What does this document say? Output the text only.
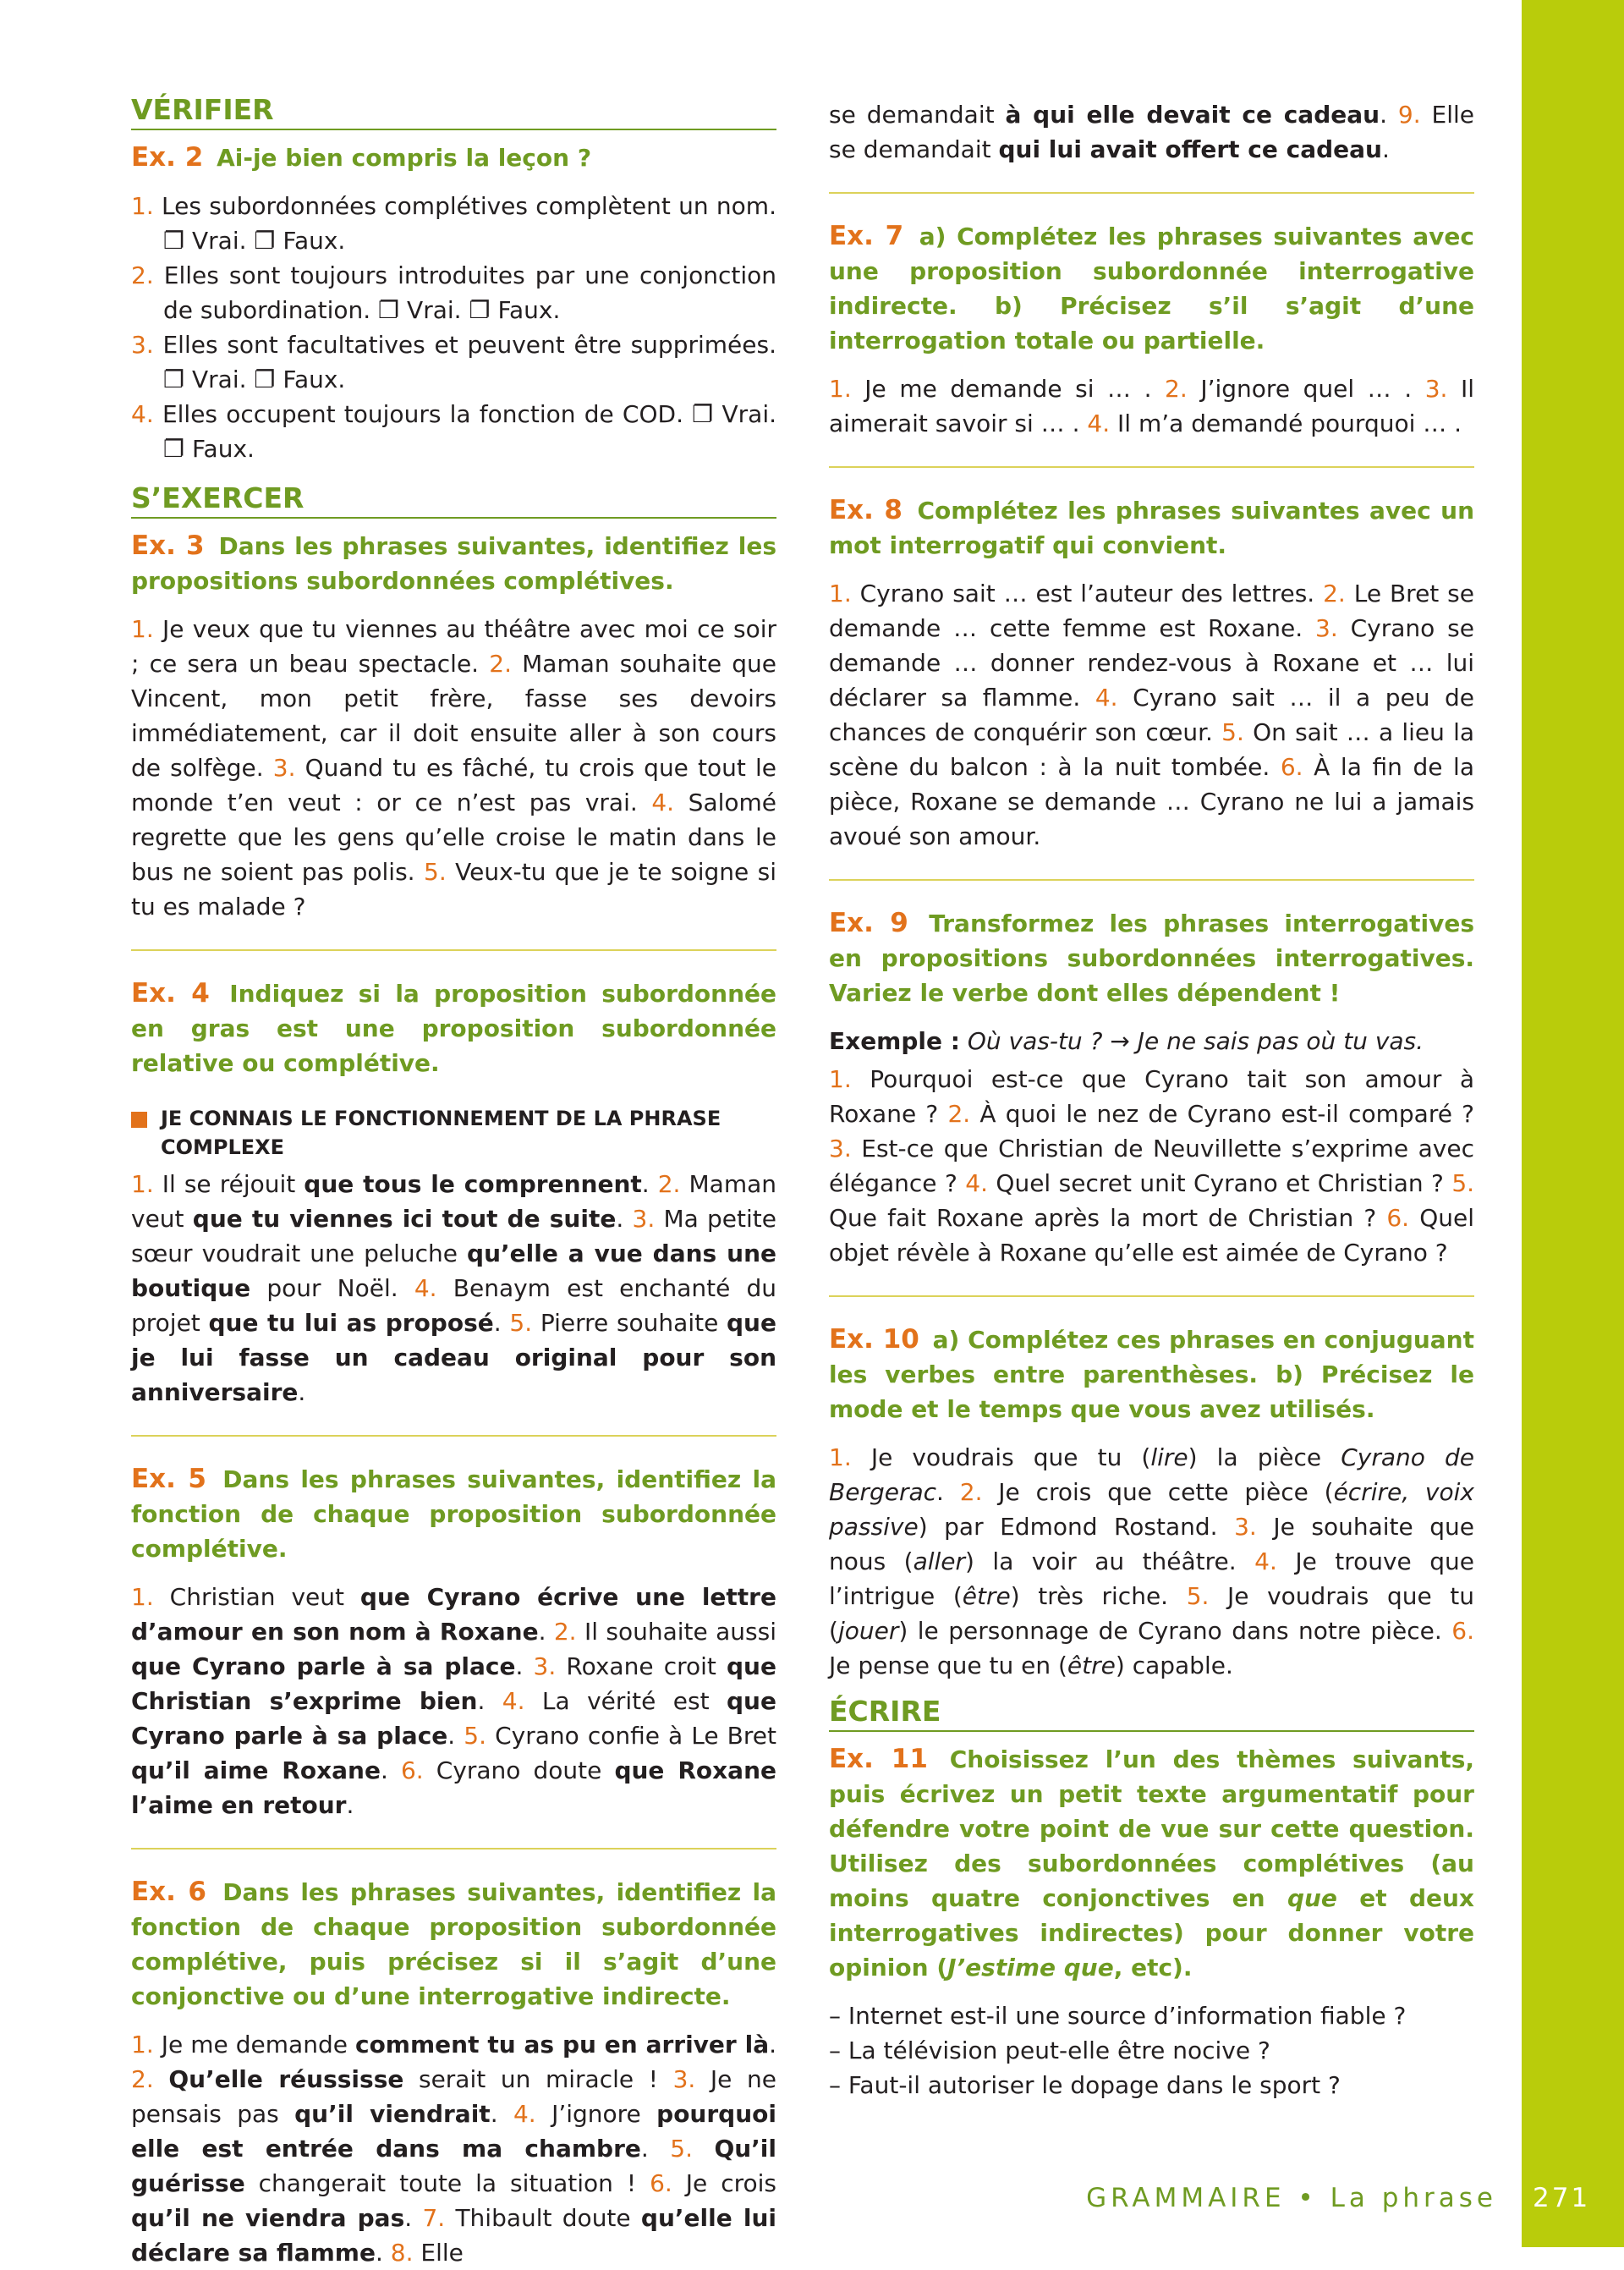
VÉRIFIER
Ex. 2 Ai-je bien compris la leçon ?
1. Les subordonnées complétives complètent un nom. ❐ Vrai. ❐ Faux.
2. Elles sont toujours introduites par une conjonction de subordination. ❐ Vrai. ❐ Faux.
3. Elles sont facultatives et peuvent être supprimées. ❐ Vrai. ❐ Faux.
4. Elles occupent toujours la fonction de COD. ❐ Vrai. ❐ Faux.
S’EXERCER
Ex. 3 Dans les phrases suivantes, identifiez les propositions subordonnées complétives.

1. Je veux que tu viennes au théâtre avec moi ce soir ; ce sera un beau spectacle. 2. Maman souhaite que Vincent, mon petit frère, fasse ses devoirs immédiatement, car il doit ensuite aller à son cours de solfège. 3. Quand tu es fâché, tu crois que tout le monde t’en veut : or ce n’est pas vrai. 4. Salomé regrette que les gens qu’elle croise le matin dans le bus ne soient pas polis. 5. Veux-tu que je te soigne si tu es malade ?

Ex. 4 Indiquez si la proposition subordonnée en gras est une proposition subordonnée relative ou complétive.
JE CONNAIS LE FONCTIONNEMENT DE LA PHRASE COMPLEXE

1. Il se réjouit que tous le comprennent. 2. Maman veut que tu viennes ici tout de suite. 3. Ma petite sœur voudrait une peluche qu’elle a vue dans une boutique pour Noël. 4. Benaym est enchanté du projet que tu lui as proposé. 5. Pierre souhaite que je lui fasse un cadeau original pour son anniversaire.

Ex. 5 Dans les phrases suivantes, identifiez la fonction de chaque proposition subordonnée complétive.

1. Christian veut que Cyrano écrive une lettre d’amour en son nom à Roxane. 2. Il souhaite aussi que Cyrano parle à sa place. 3. Roxane croit que Christian s’exprime bien. 4. La vérité est que Cyrano parle à sa place. 5. Cyrano confie à Le Bret qu’il aime Roxane. 6. Cyrano doute que Roxane l’aime en retour.

Ex. 6 Dans les phrases suivantes, identifiez la fonction de chaque proposition subordonnée complétive, puis précisez si il s’agit d’une conjonctive ou d’une interrogative indirecte.

1. Je me demande comment tu as pu en arriver là. 2. Qu’elle réussisse serait un miracle ! 3. Je ne pensais pas qu’il viendrait. 4. J’ignore pourquoi elle est entrée dans ma chambre. 5. Qu’il guérisse changerait toute la situation ! 6. Je crois qu’il ne viendra pas. 7. Thibault doute qu’elle lui déclare sa flamme. 8. Elle

se demandait à qui elle devait ce cadeau. 9. Elle se demandait qui lui avait offert ce cadeau.

Ex. 7 a) Complétez les phrases suivantes avec une proposition subordonnée interrogative indirecte. b) Précisez s’il s’agit d’une interrogation totale ou partielle.

1. Je me demande si … . 2. J’ignore quel … . 3. Il aimerait savoir si … . 4. Il m’a demandé pourquoi … .

Ex. 8 Complétez les phrases suivantes avec un mot interrogatif qui convient.

1. Cyrano sait … est l’auteur des lettres. 2. Le Bret se demande … cette femme est Roxane. 3. Cyrano se demande … donner rendez-vous à Roxane et … lui déclarer sa flamme. 4. Cyrano sait … il a peu de chances de conquérir son cœur. 5. On sait … a lieu la scène du balcon : à la nuit tombée. 6. À la fin de la pièce, Roxane se demande … Cyrano ne lui a jamais avoué son amour.

Ex. 9 Transformez les phrases interrogatives en propositions subordonnées interrogatives. Variez le verbe dont elles dépendent !

Exemple : Où vas-tu ? → Je ne sais pas où tu vas.

1. Pourquoi est-ce que Cyrano tait son amour à Roxane ? 2. À quoi le nez de Cyrano est-il comparé ? 3. Est-ce que Christian de Neuvillette s’exprime avec élégance ? 4. Quel secret unit Cyrano et Christian ? 5. Que fait Roxane après la mort de Christian ? 6. Quel objet révèle à Roxane qu’elle est aimée de Cyrano ?

Ex. 10 a) Complétez ces phrases en conjuguant les verbes entre parenthèses. b) Précisez le mode et le temps que vous avez utilisés.

1. Je voudrais que tu (lire) la pièce Cyrano de Bergerac. 2. Je crois que cette pièce (écrire, voix passive) par Edmond Rostand. 3. Je souhaite que nous (aller) la voir au théâtre. 4. Je trouve que l’intrigue (être) très riche. 5. Je voudrais que tu (jouer) le personnage de Cyrano dans notre pièce. 6. Je pense que tu en (être) capable.

ÉCRIRE
Ex. 11 Choisissez l’un des thèmes suivants, puis écrivez un petit texte argumentatif pour défendre votre point de vue sur cette question. Utilisez des subordonnées complétives (au moins quatre conjonctives en que et deux interrogatives indirectes) pour donner votre opinion (J’estime que, etc).
– Internet est-il une source d’information fiable ?
– La télévision peut-elle être nocive ?
– Faut-il autoriser le dopage dans le sport ?
GRAMMAIRE • La phrase 271
